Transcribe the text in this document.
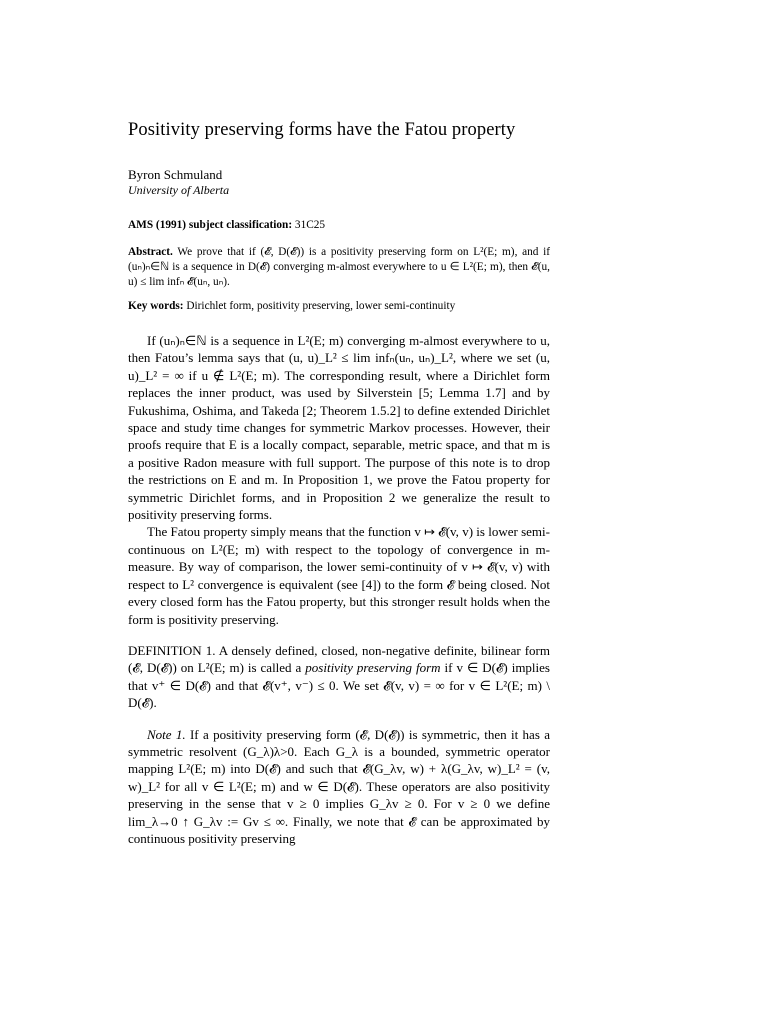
Positivity preserving forms have the Fatou property

Byron Schmuland

University of Alberta

AMS (1991) subject classification: 31C25

Abstract. We prove that if (𝓔, D(𝓔)) is a positivity preserving form on L²(E; m), and if (uₙ)ₙ∈ℕ is a sequence in D(𝓔) converging m-almost everywhere to u ∈ L²(E; m), then 𝓔(u, u) ≤ lim infₙ 𝓔(uₙ, uₙ).

Key words: Dirichlet form, positivity preserving, lower semi-continuity

If (uₙ)ₙ∈ℕ is a sequence in L²(E; m) converging m-almost everywhere to u, then Fatou’s lemma says that (u, u)_L² ≤ lim infₙ(uₙ, uₙ)_L², where we set (u, u)_L² = ∞ if u ∉ L²(E; m). The corresponding result, where a Dirichlet form replaces the inner product, was used by Silverstein [5; Lemma 1.7] and by Fukushima, Oshima, and Takeda [2; Theorem 1.5.2] to define extended Dirichlet space and study time changes for symmetric Markov processes. However, their proofs require that E is a locally compact, separable, metric space, and that m is a positive Radon measure with full support. The purpose of this note is to drop the restrictions on E and m. In Proposition 1, we prove the Fatou property for symmetric Dirichlet forms, and in Proposition 2 we generalize the result to positivity preserving forms.

The Fatou property simply means that the function v ↦ 𝓔(v, v) is lower semi-continuous on L²(E; m) with respect to the topology of convergence in m-measure. By way of comparison, the lower semi-continuity of v ↦ 𝓔(v, v) with respect to L² convergence is equivalent (see [4]) to the form 𝓔 being closed. Not every closed form has the Fatou property, but this stronger result holds when the form is positivity preserving.

DEFINITION 1. A densely defined, closed, non-negative definite, bilinear form (𝓔, D(𝓔)) on L²(E; m) is called a positivity preserving form if v ∈ D(𝓔) implies that v⁺ ∈ D(𝓔) and that 𝓔(v⁺, v⁻) ≤ 0. We set 𝓔(v, v) = ∞ for v ∈ L²(E; m) \ D(𝓔).

Note 1. If a positivity preserving form (𝓔, D(𝓔)) is symmetric, then it has a symmetric resolvent (G_λ)λ>0. Each G_λ is a bounded, symmetric operator mapping L²(E; m) into D(𝓔) and such that 𝓔(G_λv, w) + λ(G_λv, w)_L² = (v, w)_L² for all v ∈ L²(E; m) and w ∈ D(𝓔). These operators are also positivity preserving in the sense that v ≥ 0 implies G_λv ≥ 0. For v ≥ 0 we define lim_λ→0 ↑ G_λv := Gv ≤ ∞. Finally, we note that 𝓔 can be approximated by continuous positivity preserving
